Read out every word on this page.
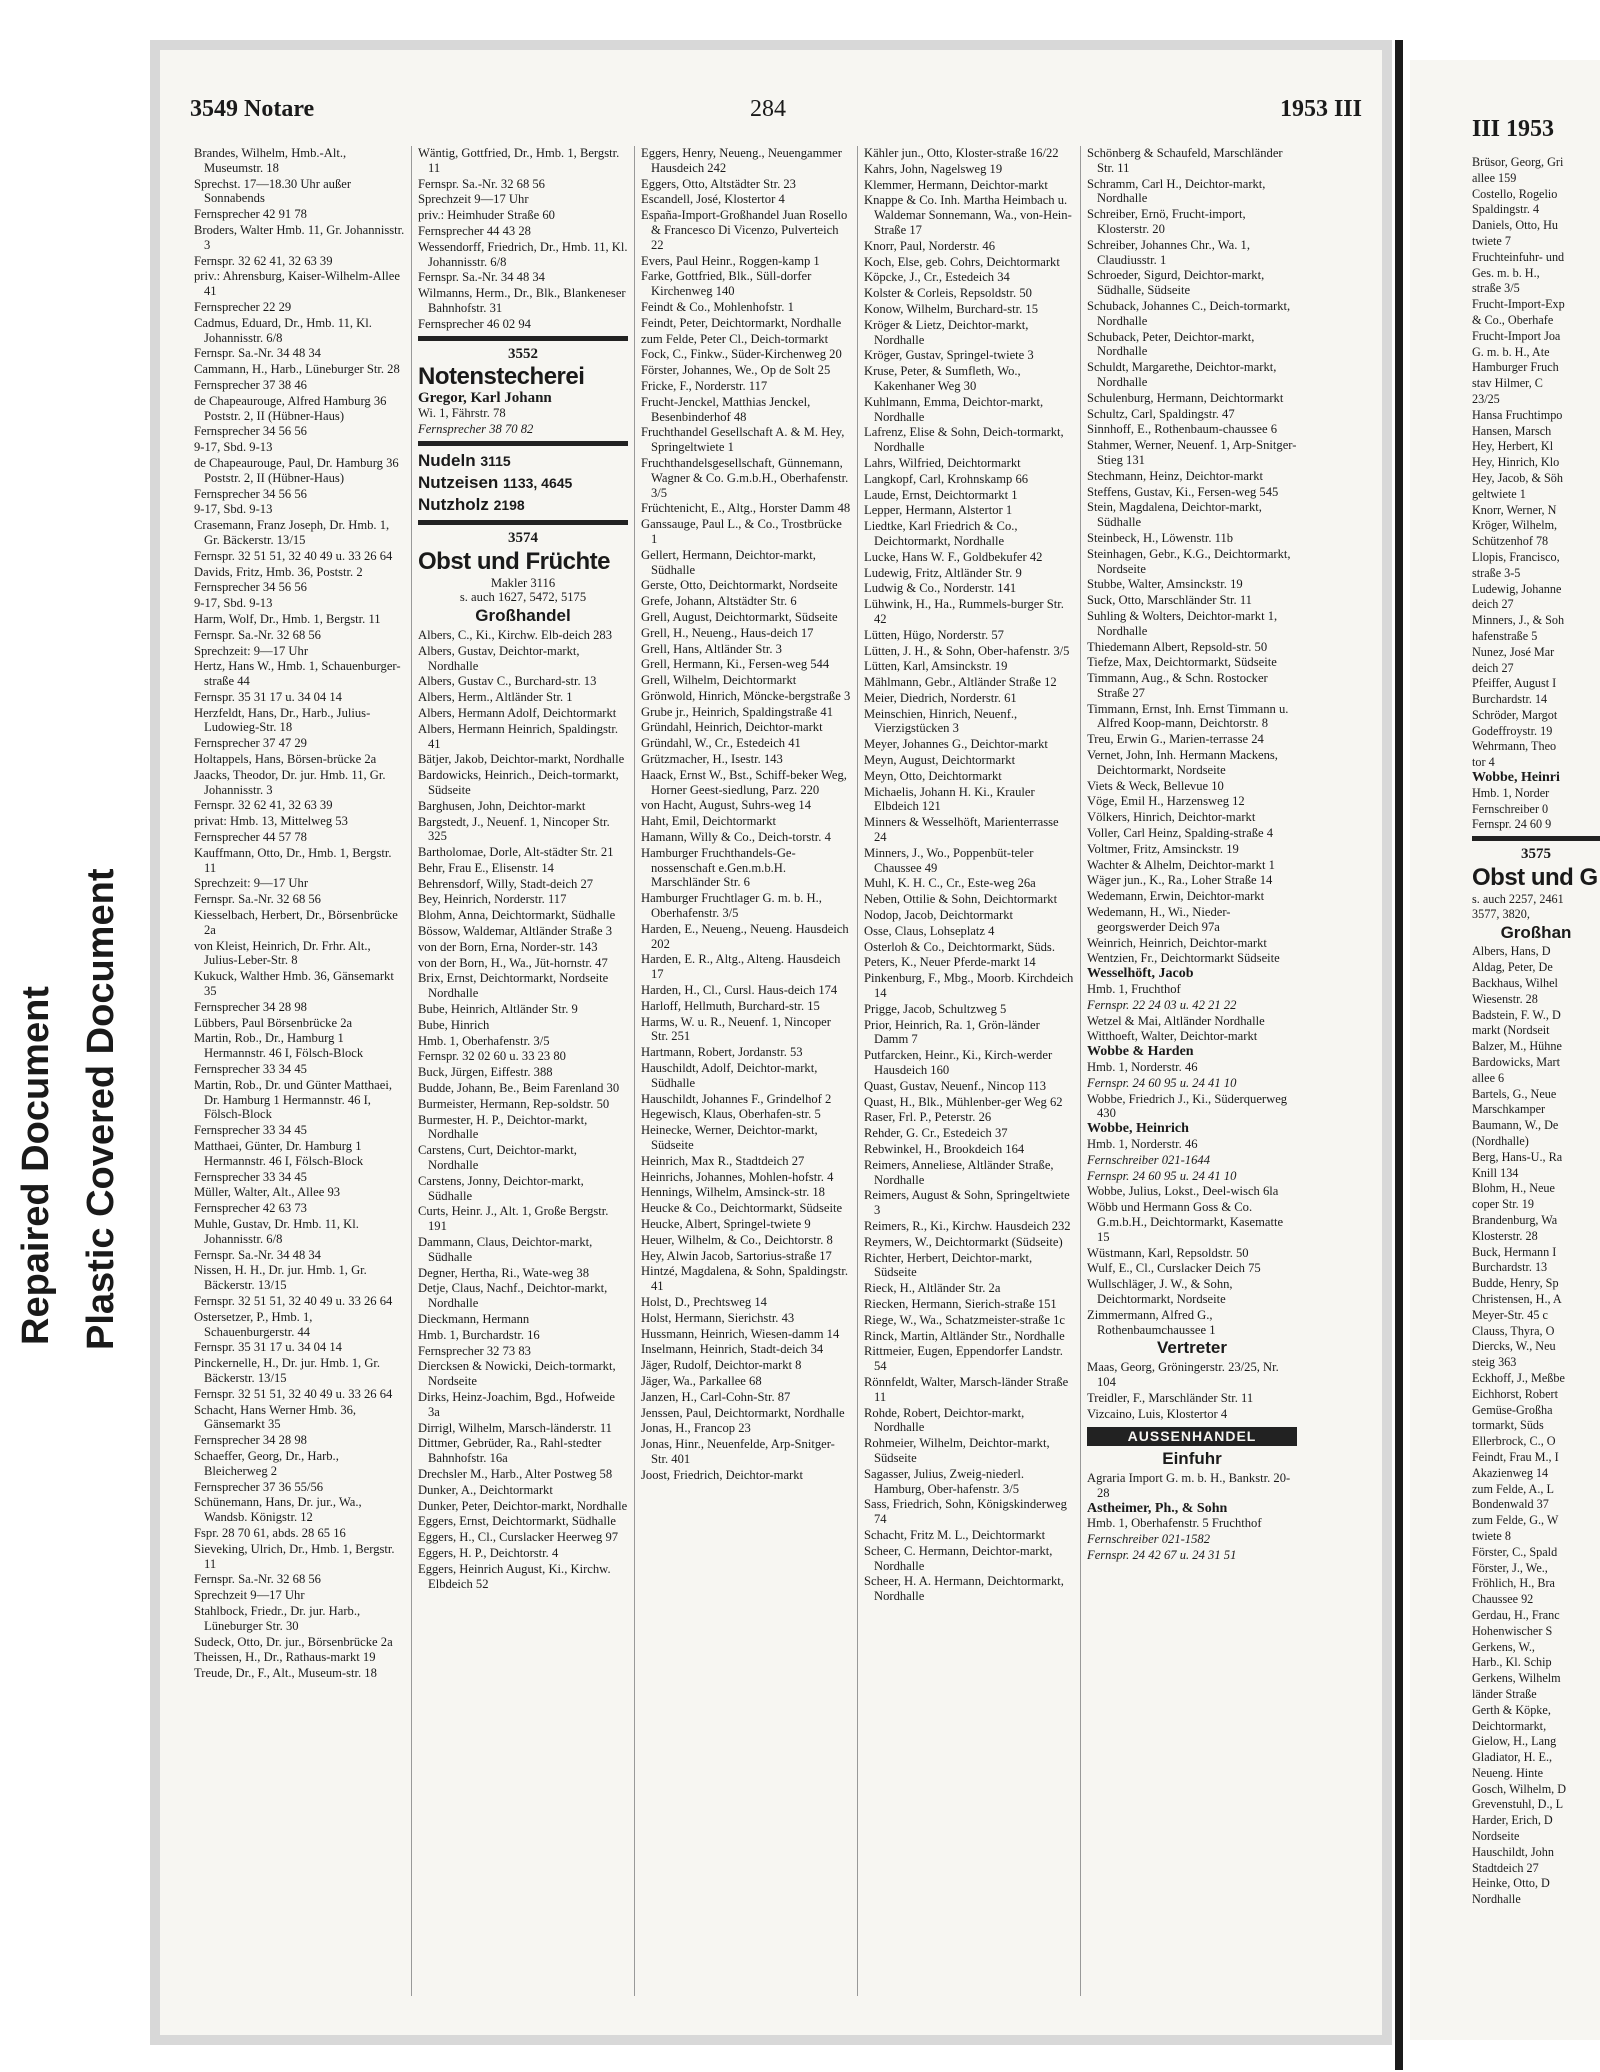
Repaired Document Plastic Covered Document
3549 Notare	284	1953 III
Brandes, Wilhelm, Hmb.-Alt., Museumstr. 18
Sprechst. 17—18.30 Uhr außer Sonnabends
Fernsprecher 42 91 78
Broders, Walter Hmb. 11, Gr. Johannisstr. 3
Fernspr. 32 62 41, 32 63 39
priv.: Ahrensburg, Kaiser-Wilhelm-Allee 41
Fernsprecher 22 29
Cadmus, Eduard, Dr., Hmb. 11, Kl. Johannisstr. 6/8
Fernspr. Sa.-Nr. 34 48 34
Cammann, H., Harb., Lüneburger Str. 28
Fernsprecher 37 38 46
de Chapeaurouge, Alfred Hamburg 36 Poststr. 2, II (Hübner-Haus)
Fernsprecher 34 56 56
9-17, Sbd. 9-13
de Chapeaurouge, Paul, Dr. Hamburg 36 Poststr. 2, II (Hübner-Haus)
Fernsprecher 34 56 56
9-17, Sbd. 9-13
Crasemann, Franz Joseph, Dr. Hmb. 1, Gr. Bäckerstr. 13/15
Fernspr. 32 51 51, 32 40 49 u. 33 26 64
Davids, Fritz, Hmb. 36, Poststr. 2
Fernsprecher 34 56 56
9-17, Sbd. 9-13
Harm, Wolf, Dr., Hmb. 1, Bergstr. 11
Fernspr. Sa.-Nr. 32 68 56
Sprechzeit: 9—17 Uhr
Hertz, Hans W., Hmb. 1, Schauenburger-straße 44
Fernspr. 35 31 17 u. 34 04 14
Herzfeldt, Hans, Dr., Harb., Julius-Ludowieg-Str. 18
Fernsprecher 37 47 29
Holtappels, Hans, Börsen-brücke 2a
Jaacks, Theodor, Dr. jur. Hmb. 11, Gr. Johannisstr. 3
Fernspr. 32 62 41, 32 63 39
privat: Hmb. 13, Mittelweg 53
Fernsprecher 44 57 78
Kauffmann, Otto, Dr., Hmb. 1, Bergstr. 11
Sprechzeit: 9—17 Uhr
Fernspr. Sa.-Nr. 32 68 56
Kiesselbach, Herbert, Dr., Börsenbrücke 2a
von Kleist, Heinrich, Dr. Frhr. Alt., Julius-Leber-Str. 8
Kukuck, Walther Hmb. 36, Gänsemarkt 35
Fernsprecher 34 28 98
Lübbers, Paul Börsenbrücke 2a
Martin, Rob., Dr., Hamburg 1 Hermannstr. 46 I, Fölsch-Block
Fernsprecher 33 34 45
Martin, Rob., Dr. und Günter Matthaei, Dr. Hamburg 1 Hermannstr. 46 I, Fölsch-Block
Fernsprecher 33 34 45
Matthaei, Günter, Dr. Hamburg 1 Hermannstr. 46 I, Fölsch-Block
Fernsprecher 33 34 45
Müller, Walter, Alt., Allee 93
Fernsprecher 42 63 73
Muhle, Gustav, Dr. Hmb. 11, Kl. Johannisstr. 6/8
Fernspr. Sa.-Nr. 34 48 34
Nissen, H. H., Dr. jur. Hmb. 1, Gr. Bäckerstr. 13/15
Fernspr. 32 51 51, 32 40 49 u. 33 26 64
Ostersetzer, P., Hmb. 1, Schauenburgerstr. 44
Fernspr. 35 31 17 u. 34 04 14
Pinckernelle, H., Dr. jur. Hmb. 1, Gr. Bäckerstr. 13/15
Fernspr. 32 51 51, 32 40 49 u. 33 26 64
Schacht, Hans Werner Hmb. 36, Gänsemarkt 35
Fernsprecher 34 28 98
Schaeffer, Georg, Dr., Harb., Bleicherweg 2
Fernsprecher 37 36 55/56
Schünemann, Hans, Dr. jur., Wa., Wandsb. Königstr. 12
Fspr. 28 70 61, abds. 28 65 16
Sieveking, Ulrich, Dr., Hmb. 1, Bergstr. 11
Fernspr. Sa.-Nr. 32 68 56
Sprechzeit 9—17 Uhr
Stahlbock, Friedr., Dr. jur. Harb., Lüneburger Str. 30
Sudeck, Otto, Dr. jur., Börsenbrücke 2a
Theissen, H., Dr., Rathaus-markt 19
Treude, Dr., F., Alt., Museum-str. 18
Wäntig, Gottfried, Dr., Hmb. 1, Bergstr. 11
Fernspr. Sa.-Nr. 32 68 56
Sprechzeit 9—17 Uhr
priv.: Heimhuder Straße 60
Fernsprecher 44 43 28
Wessendorff, Friedrich, Dr., Hmb. 11, Kl. Johannisstr. 6/8
Fernspr. Sa.-Nr. 34 48 34
Wilmanns, Herm., Dr., Blk., Blankeneser Bahnhofstr. 31
Fernsprecher 46 02 94
3552
Notenstecherei
Gregor, Karl Johann
Wi. 1, Fährstr. 78
Fernsprecher 38 70 82
Nudeln 3115
Nutzeisen 1133, 4645
Nutzholz 2198
3574
Obst und Früchte
Makler 3116
s. auch 1627, 5472, 5175
Großhandel
Albers, C., Ki., Kirchw. Elb-deich 283
Albers, Gustav, Deichtor-markt, Nordhalle
Albers, Gustav C., Burchard-str. 13
Albers, Herm., Altländer Str. 1
Albers, Hermann Adolf, Deichtormarkt
Albers, Hermann Heinrich, Spaldingstr. 41
Bätjer, Jakob, Deichtor-markt, Nordhalle
Bardowicks, Heinrich., Deich-tormarkt, Südseite
Barghusen, John, Deichtor-markt
Bargstedt, J., Neuenf. 1, Nincoper Str. 325
Bartholomae, Dorle, Alt-städter Str. 21
Behr, Frau E., Elisenstr. 14
Behrensdorf, Willy, Stadt-deich 27
Bey, Heinrich, Norderstr. 117
Blohm, Anna, Deichtormarkt, Südhalle
Bössow, Waldemar, Altländer Straße 3
von der Born, Erna, Norder-str. 143
von der Born, H., Wa., Jüt-hornstr. 47
Brix, Ernst, Deichtormarkt, Nordseite Nordhalle
Bube, Heinrich, Altländer Str. 9
Bube, Hinrich
Hmb. 1, Oberhafenstr. 3/5
Fernspr. 32 02 60 u. 33 23 80
Buck, Jürgen, Eiffestr. 388
Budde, Johann, Be., Beim Farenland 30
Burmeister, Hermann, Rep-soldstr. 50
Burmester, H. P., Deichtor-markt, Nordhalle
Carstens, Curt, Deichtor-markt, Nordhalle
Carstens, Jonny, Deichtor-markt, Südhalle
Curts, Heinr. J., Alt. 1, Große Bergstr. 191
Dammann, Claus, Deichtor-markt, Südhalle
Degner, Hertha, Ri., Wate-weg 38
Detje, Claus, Nachf., Deichtor-markt, Nordhalle
Dieckmann, Hermann
Hmb. 1, Burchardstr. 16
Fernsprecher 32 73 83
Diercksen & Nowicki, Deich-tormarkt, Nordseite
Dirks, Heinz-Joachim, Bgd., Hofweide 3a
Dirrigl, Wilhelm, Marsch-länderstr. 11
Dittmer, Gebrüder, Ra., Rahl-stedter Bahnhofstr. 16a
Drechsler M., Harb., Alter Postweg 58
Dunker, A., Deichtormarkt
Dunker, Peter, Deichtor-markt, Nordhalle
Eggers, Ernst, Deichtormarkt, Südhalle
Eggers, H., Cl., Curslacker Heerweg 97
Eggers, H. P., Deichtorstr. 4
Eggers, Heinrich August, Ki., Kirchw. Elbdeich 52
Eggers, Henry, Neueng., Neuengammer Hausdeich 242
Eggers, Otto, Altstädter Str. 23
Escandell, José, Klostertor 4
España-Import-Großhandel Juan Rosello & Francesco Di Vicenzo, Pulverteich 22
Evers, Paul Heinr., Roggen-kamp 1
Farke, Gottfried, Blk., Süll-dorfer Kirchenweg 140
Feindt & Co., Mohlenhofstr. 1
Feindt, Peter, Deichtormarkt, Nordhalle
zum Felde, Peter Cl., Deich-tormarkt
Fock, C., Finkw., Süder-Kirchenweg 20
Förster, Johannes, We., Op de Solt 25
Fricke, F., Norderstr. 117
Frucht-Jenckel, Matthias Jenckel, Besenbinderhof 48
Fruchthandel Gesellschaft A. & M. Hey, Springeltwiete 1
Fruchthandelsgesellschaft, Günnemann, Wagner & Co. G.m.b.H., Oberhafenstr. 3/5
Früchtenicht, E., Altg., Horster Damm 48
Ganssauge, Paul L., & Co., Trostbrücke 1
Gellert, Hermann, Deichtor-markt, Südhalle
Gerste, Otto, Deichtormarkt, Nordseite
Grefe, Johann, Altstädter Str. 6
Grell, August, Deichtormarkt, Südseite
Grell, H., Neueng., Haus-deich 17
Grell, Hans, Altländer Str. 3
Grell, Hermann, Ki., Fersen-weg 544
Grell, Wilhelm, Deichtormarkt
Grönwold, Hinrich, Möncke-bergstraße 3
Grube jr., Heinrich, Spaldingstraße 41
Gründahl, Heinrich, Deichtor-markt
Gründahl, W., Cr., Estedeich 41
Grützmacher, H., Isestr. 143
Haack, Ernst W., Bst., Schiff-beker Weg, Horner Geest-siedlung, Parz. 220
von Hacht, August, Suhrs-weg 14
Haht, Emil, Deichtormarkt
Hamann, Willy & Co., Deich-torstr. 4
Hamburger Fruchthandels-Ge-nossenschaft e.Gen.m.b.H. Marschländer Str. 6
Hamburger Fruchtlager G. m. b. H., Oberhafenstr. 3/5
Harden, E., Neueng., Neueng. Hausdeich 202
Harden, E. R., Altg., Alteng. Hausdeich 17
Harden, H., Cl., Cursl. Haus-deich 174
Harloff, Hellmuth, Burchard-str. 15
Harms, W. u. R., Neuenf. 1, Nincoper Str. 251
Hartmann, Robert, Jordanstr. 53
Hauschildt, Adolf, Deichtor-markt, Südhalle
Hauschildt, Johannes F., Grindelhof 2
Hegewisch, Klaus, Oberhafen-str. 5
Heinecke, Werner, Deichtor-markt, Südseite
Heinrich, Max R., Stadtdeich 27
Heinrichs, Johannes, Mohlen-hofstr. 4
Hennings, Wilhelm, Amsinck-str. 18
Heucke & Co., Deichtormarkt, Südseite
Heucke, Albert, Springel-twiete 9
Heuer, Wilhelm, & Co., Deichtorstr. 8
Hey, Alwin Jacob, Sartorius-straße 17
Hintzé, Magdalena, & Sohn, Spaldingstr. 41
Holst, D., Prechtsweg 14
Holst, Hermann, Sierichstr. 43
Hussmann, Heinrich, Wiesen-damm 14
Inselmann, Heinrich, Stadt-deich 34
Jäger, Rudolf, Deichtor-markt 8
Jäger, Wa., Parkallee 68
Janzen, H., Carl-Cohn-Str. 87
Jenssen, Paul, Deichtormarkt, Nordhalle
Jonas, H., Francop 23
Jonas, Hinr., Neuenfelde, Arp-Snitger-Str. 401
Joost, Friedrich, Deichtor-markt
Kähler jun., Otto, Kloster-straße 16/22
Kahrs, John, Nagelsweg 19
Klemmer, Hermann, Deichtor-markt
Knappe & Co. Inh. Martha Heimbach u. Waldemar Sonnemann, Wa., von-Hein-Straße 17
Knorr, Paul, Norderstr. 46
Koch, Else, geb. Cohrs, Deichtormarkt
Köpcke, J., Cr., Estedeich 34
Kolster & Corleis, Repsoldstr. 50
Konow, Wilhelm, Burchard-str. 15
Kröger & Lietz, Deichtor-markt, Nordhalle
Kröger, Gustav, Springel-twiete 3
Kruse, Peter, & Sumfleth, Wo., Kakenhaner Weg 30
Kuhlmann, Emma, Deichtor-markt, Nordhalle
Lafrenz, Elise & Sohn, Deich-tormarkt, Nordhalle
Lahrs, Wilfried, Deichtormarkt
Langkopf, Carl, Krohnskamp 66
Laude, Ernst, Deichtormarkt 1
Lepper, Hermann, Alstertor 1
Liedtke, Karl Friedrich & Co., Deichtormarkt, Nordhalle
Lucke, Hans W. F., Goldbekufer 42
Ludewig, Fritz, Altländer Str. 9
Ludwig & Co., Norderstr. 141
Lühwink, H., Ha., Rummels-burger Str. 42
Lütten, Hügo, Norderstr. 57
Lütten, J. H., & Sohn, Ober-hafenstr. 3/5
Lütten, Karl, Amsinckstr. 19
Mählmann, Gebr., Altländer Straße 12
Meier, Diedrich, Norderstr. 61
Meinschien, Hinrich, Neuenf., Vierzigstücken 3
Meyer, Johannes G., Deichtor-markt
Meyn, August, Deichtormarkt
Meyn, Otto, Deichtormarkt
Michaelis, Johann H. Ki., Krauler Elbdeich 121
Minners & Wesselhöft, Marienterrasse 24
Minners, J., Wo., Poppenbüt-teler Chaussee 49
Muhl, K. H. C., Cr., Este-weg 26a
Neben, Ottilie & Sohn, Deichtormarkt
Nodop, Jacob, Deichtormarkt
Osse, Claus, Lohseplatz 4
Osterloh & Co., Deichtormarkt, Süds.
Peters, K., Neuer Pferde-markt 14
Pinkenburg, F., Mbg., Moorb. Kirchdeich 14
Prigge, Jacob, Schultzweg 5
Prior, Heinrich, Ra. 1, Grön-länder Damm 7
Putfarcken, Heinr., Ki., Kirch-werder Hausdeich 160
Quast, Gustav, Neuenf., Nincop 113
Quast, H., Blk., Mühlenber-ger Weg 62
Raser, Frl. P., Peterstr. 26
Rehder, G. Cr., Estedeich 37
Rebwinkel, H., Brookdeich 164
Reimers, Anneliese, Altländer Straße, Nordhalle
Reimers, August & Sohn, Springeltwiete 3
Reimers, R., Ki., Kirchw. Hausdeich 232
Reymers, W., Deichtormarkt (Südseite)
Richter, Herbert, Deichtor-markt, Südseite
Rieck, H., Altländer Str. 2a
Riecken, Hermann, Sierich-straße 151
Riege, W., Wa., Schatzmeister-straße 1c
Rinck, Martin, Altländer Str., Nordhalle
Rittmeier, Eugen, Eppendorfer Landstr. 54
Rönnfeldt, Walter, Marsch-länder Straße 11
Rohde, Robert, Deichtor-markt, Nordhalle
Rohmeier, Wilhelm, Deichtor-markt, Südseite
Sagasser, Julius, Zweig-niederl. Hamburg, Ober-hafenstr. 3/5
Sass, Friedrich, Sohn, Königskinderweg 74
Schacht, Fritz M. L., Deichtormarkt
Scheer, C. Hermann, Deichtor-markt, Nordhalle
Scheer, H. A. Hermann, Deichtormarkt, Nordhalle
Schönberg & Schaufeld, Marschländer Str. 11
Schramm, Carl H., Deichtor-markt, Nordhalle
Schreiber, Ernö, Frucht-import, Klosterstr. 20
Schreiber, Johannes Chr., Wa. 1, Claudiusstr. 1
Schroeder, Sigurd, Deichtor-markt, Südhalle, Südseite
Schuback, Johannes C., Deich-tormarkt, Nordhalle
Schuback, Peter, Deichtor-markt, Nordhalle
Schuldt, Margarethe, Deichtor-markt, Nordhalle
Schulenburg, Hermann, Deichtormarkt
Schultz, Carl, Spaldingstr. 47
Sinnhoff, E., Rothenbaum-chaussee 6
Stahmer, Werner, Neuenf. 1, Arp-Snitger-Stieg 131
Stechmann, Heinz, Deichtor-markt
Steffens, Gustav, Ki., Fersen-weg 545
Stein, Magdalena, Deichtor-markt, Südhalle
Steinbeck, H., Löwenstr. 11b
Steinhagen, Gebr., K.G., Deichtormarkt, Nordseite
Stubbe, Walter, Amsinckstr. 19
Suck, Otto, Marschländer Str. 11
Suhling & Wolters, Deichtor-markt 1, Nordhalle
Thiedemann Albert, Repsold-str. 50
Tiefze, Max, Deichtormarkt, Südseite
Timmann, Aug., & Schn. Rostocker Straße 27
Timmann, Ernst, Inh. Ernst Timmann u. Alfred Koop-mann, Deichtorstr. 8
Treu, Erwin G., Marien-terrasse 24
Vernet, John, Inh. Hermann Mackens, Deichtormarkt, Nordseite
Viets & Weck, Bellevue 10
Vöge, Emil H., Harzensweg 12
Völkers, Hinrich, Deichtor-markt
Voller, Carl Heinz, Spalding-straße 4
Voltmer, Fritz, Amsinckstr. 19
Wachter & Alhelm, Deichtor-markt 1
Wäger jun., K., Ra., Loher Straße 14
Wedemann, Erwin, Deichtor-markt
Wedemann, H., Wi., Nieder-georgswerder Deich 97a
Weinrich, Heinrich, Deichtor-markt
Wentzien, Fr., Deichtormarkt Südseite
Wesselhöft, Jacob
Hmb. 1, Fruchthof
Fernspr. 22 24 03 u. 42 21 22
Wetzel & Mai, Altländer Nordhalle
Witthoeft, Walter, Deichtor-markt
Wobbe & Harden
Hmb. 1, Norderstr. 46
Fernspr. 24 60 95 u. 24 41 10
Wobbe, Friedrich J., Ki., Süderquerweg 430
Wobbe, Heinrich
Hmb. 1, Norderstr. 46
Fernschreiber 021-1644
Fernspr. 24 60 95 u. 24 41 10
Wobbe, Julius, Lokst., Deel-wisch 6la
Wöbb und Hermann Goss & Co. G.m.b.H., Deichtormarkt, Kasematte 15
Wüstmann, Karl, Repsoldstr. 50
Wulf, E., Cl., Curslacker Deich 75
Wullschläger, J. W., & Sohn, Deichtormarkt, Nordseite
Zimmermann, Alfred G., Rothenbaumchaussee 1
Vertreter
Maas, Georg, Gröningerstr. 23/25, Nr. 104
Treidler, F., Marschländer Str. 11
Vizcaino, Luis, Klostertor 4
AUSSENHANDEL
Einfuhr
Agraria Import G. m. b. H., Bankstr. 20-28
Astheimer, Ph., & Sohn
Hmb. 1, Oberhafenstr. 5 Fruchthof
Fernschreiber 021-1582
Fernspr. 24 42 67 u. 24 31 51
III 1953
Brüsor, Georg, Gri
allee 159
Costello, Rogelio
Spaldingstr. 4
Daniels, Otto, Hu
twiete 7
Fruchteinfuhr- und
Ges. m. b. H.,
straße 3/5
Frucht-Import-Exp
& Co., Oberhafe
Frucht-Import Joa
G. m. b. H., Ate
Hamburger Fruch
stav Hilmer, C
23/25
Hansa Fruchtimpo
Hansen, Marsch
Hey, Herbert, Kl
Hey, Hinrich, Klo
Hey, Jacob, & Söh
geltwiete 1
Knorr, Werner, N
Kröger, Wilhelm,
Schützenhof 78
Llopis, Francisco,
straße 3-5
Ludewig, Johanne
deich 27
Minners, J., & Soh
hafenstraße 5
Nunez, José Mar
deich 27
Pfeiffer, August I
Burchardstr. 14
Schröder, Margot
Godeffroystr. 19
Wehrmann, Theo
tor 4
Wobbe, Heinri
Hmb. 1, Norder
Fernschreiber 0
Fernspr. 24 60 9
3575
Obst und G
s. auch 2257, 2461
3577, 3820,
Großhan
Albers, Hans, D
Aldag, Peter, De
Backhaus, Wilhel
Wiesenstr. 28
Badstein, F. W., D
markt (Nordseit
Balzer, M., Hühne
Bardowicks, Mart
allee 6
Bartels, G., Neue
Marschkamper
Baumann, W., De
(Nordhalle)
Berg, Hans-U., Ra
Knill 134
Blohm, H., Neue
coper Str. 19
Brandenburg, Wa
Klosterstr. 28
Buck, Hermann I
Burchardstr. 13
Budde, Henry, Sp
Christensen, H., A
Meyer-Str. 45 c
Clauss, Thyra, O
Diercks, W., Neu
steig 363
Eckhoff, J., Meßbe
Eichhorst, Robert
Gemüse-Großha
tormarkt, Süds
Ellerbrock, C., O
Feindt, Frau M., I
Akazienweg 14
zum Felde, A., L
Bondenwald 37
zum Felde, G., W
twiete 8
Förster, C., Spald
Förster, J., We.,
Fröhlich, H., Bra
Chaussee 92
Gerdau, H., Franc
Hohenwischer S
Gerkens, W.,
Harb., Kl. Schip
Gerkens, Wilhelm
länder Straße
Gerth & Köpke,
Deichtormarkt,
Gielow, H., Lang
Gladiator, H. E.,
Neueng. Hinte
Gosch, Wilhelm, D
Grevenstuhl, D., L
Harder, Erich, D
Nordseite
Hauschildt, John
Stadtdeich 27
Heinke, Otto, D
Nordhalle
